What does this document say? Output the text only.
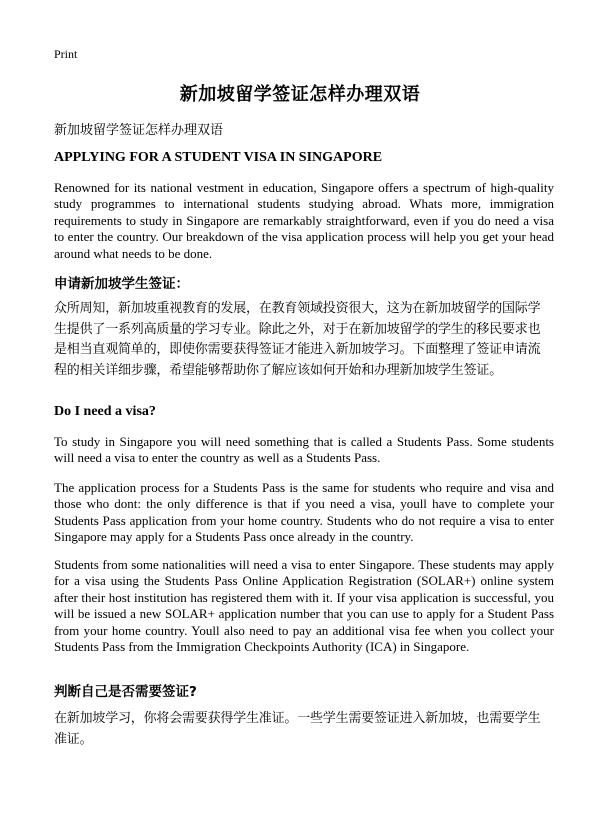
Print
新加坡留学签证怎样办理双语
新加坡留学签证怎样办理双语
APPLYING FOR A STUDENT VISA IN SINGAPORE
Renowned for its national vestment in education, Singapore offers a spectrum of high-quality study programmes to international students studying abroad. Whats more, immigration requirements to study in Singapore are remarkably straightforward, even if you do need a visa to enter the country. Our breakdown of the visa application process will help you get your head around what needs to be done.
申请新加坡学生签证：
众所周知，新加坡重视教育的发展，在教育领域投资很大，这为在新加坡留学的国际学生提供了一系列高质量的学习专业。除此之外，对于在新加坡留学的学生的移民要求也是相当直观简单的，即使你需要获得签证才能进入新加坡学习。下面整理了签证申请流程的相关详细步骤，希望能够帮助你了解应该如何开始和办理新加坡学生签证。
Do I need a visa?
To study in Singapore you will need something that is called a Students Pass. Some students will need a visa to enter the country as well as a Students Pass.
The application process for a Students Pass is the same for students who require and visa and those who dont: the only difference is that if you need a visa, youll have to complete your Students Pass application from your home country. Students who do not require a visa to enter Singapore may apply for a Students Pass once already in the country.
Students from some nationalities will need a visa to enter Singapore. These students may apply for a visa using the Students Pass Online Application Registration (SOLAR+) online system after their host institution has registered them with it. If your visa application is successful, you will be issued a new SOLAR+ application number that you can use to apply for a Student Pass from your home country. Youll also need to pay an additional visa fee when you collect your Students Pass from the Immigration Checkpoints Authority (ICA) in Singapore.
判断自己是否需要签证?
在新加坡学习，你将会需要获得学生准证。一些学生需要签证进入新加坡，也需要学生准证。
